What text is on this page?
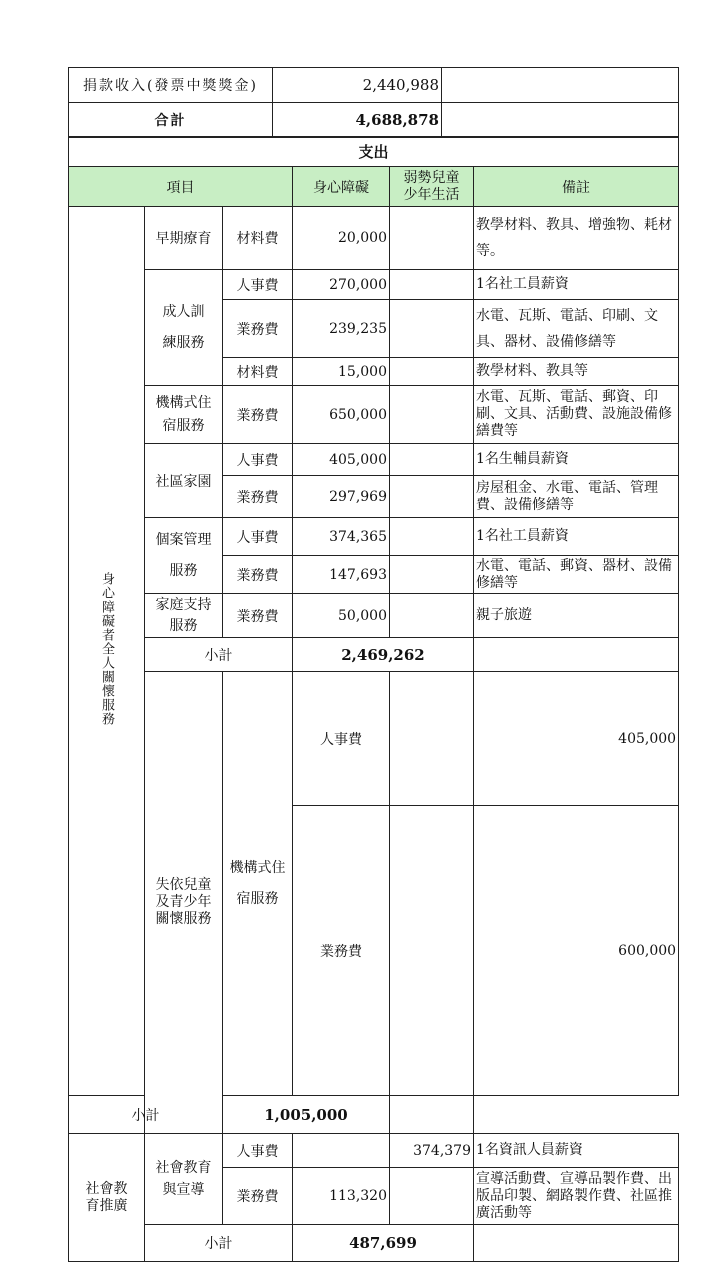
捐款收入(發票中獎獎金)	2,440,988	
合計	4,688,878	
支出						
項目			身心障礙	弱勢兒童少年生活	備註	
身心障礙者全人關懷服務	早期療育	材料費	20,000		教學材料、教具、增強物、耗材等。	
	成人訓練服務	人事費	270,000		1名社工員薪資	
		業務費	239,235		水電、瓦斯、電話、印刷、文具、器材、設備修繕等	
		材料費	15,000		教學材料、教具等	
	機構式住宿服務	業務費	650,000		水電、瓦斯、電話、郵資、印刷、文具、活動費、設施設備修繕費等	
	社區家園	人事費	405,000		1名生輔員薪資	
		業務費	297,969		房屋租金、水電、電話、管理費、設備修繕等	
	個案管理服務	人事費	374,365		1名社工員薪資	
		業務費	147,693		水電、電話、郵資、器材、設備修繕等	
	家庭支持服務	業務費	50,000		親子旅遊	
	小計		2,469,262			
	失依兒童及青少年關懷服務	機構式住宿服務	人事費		405,000	
			業務費		600,000	
小計		1,005,000				
社會教育推廣	社會教育與宣導	人事費		374,379	1名資訊人員薪資	
		業務費	113,320		宣導活動費、宣導品製作費、出版品印製、網路製作費、社區推廣活動等	
	小計		487,699			
